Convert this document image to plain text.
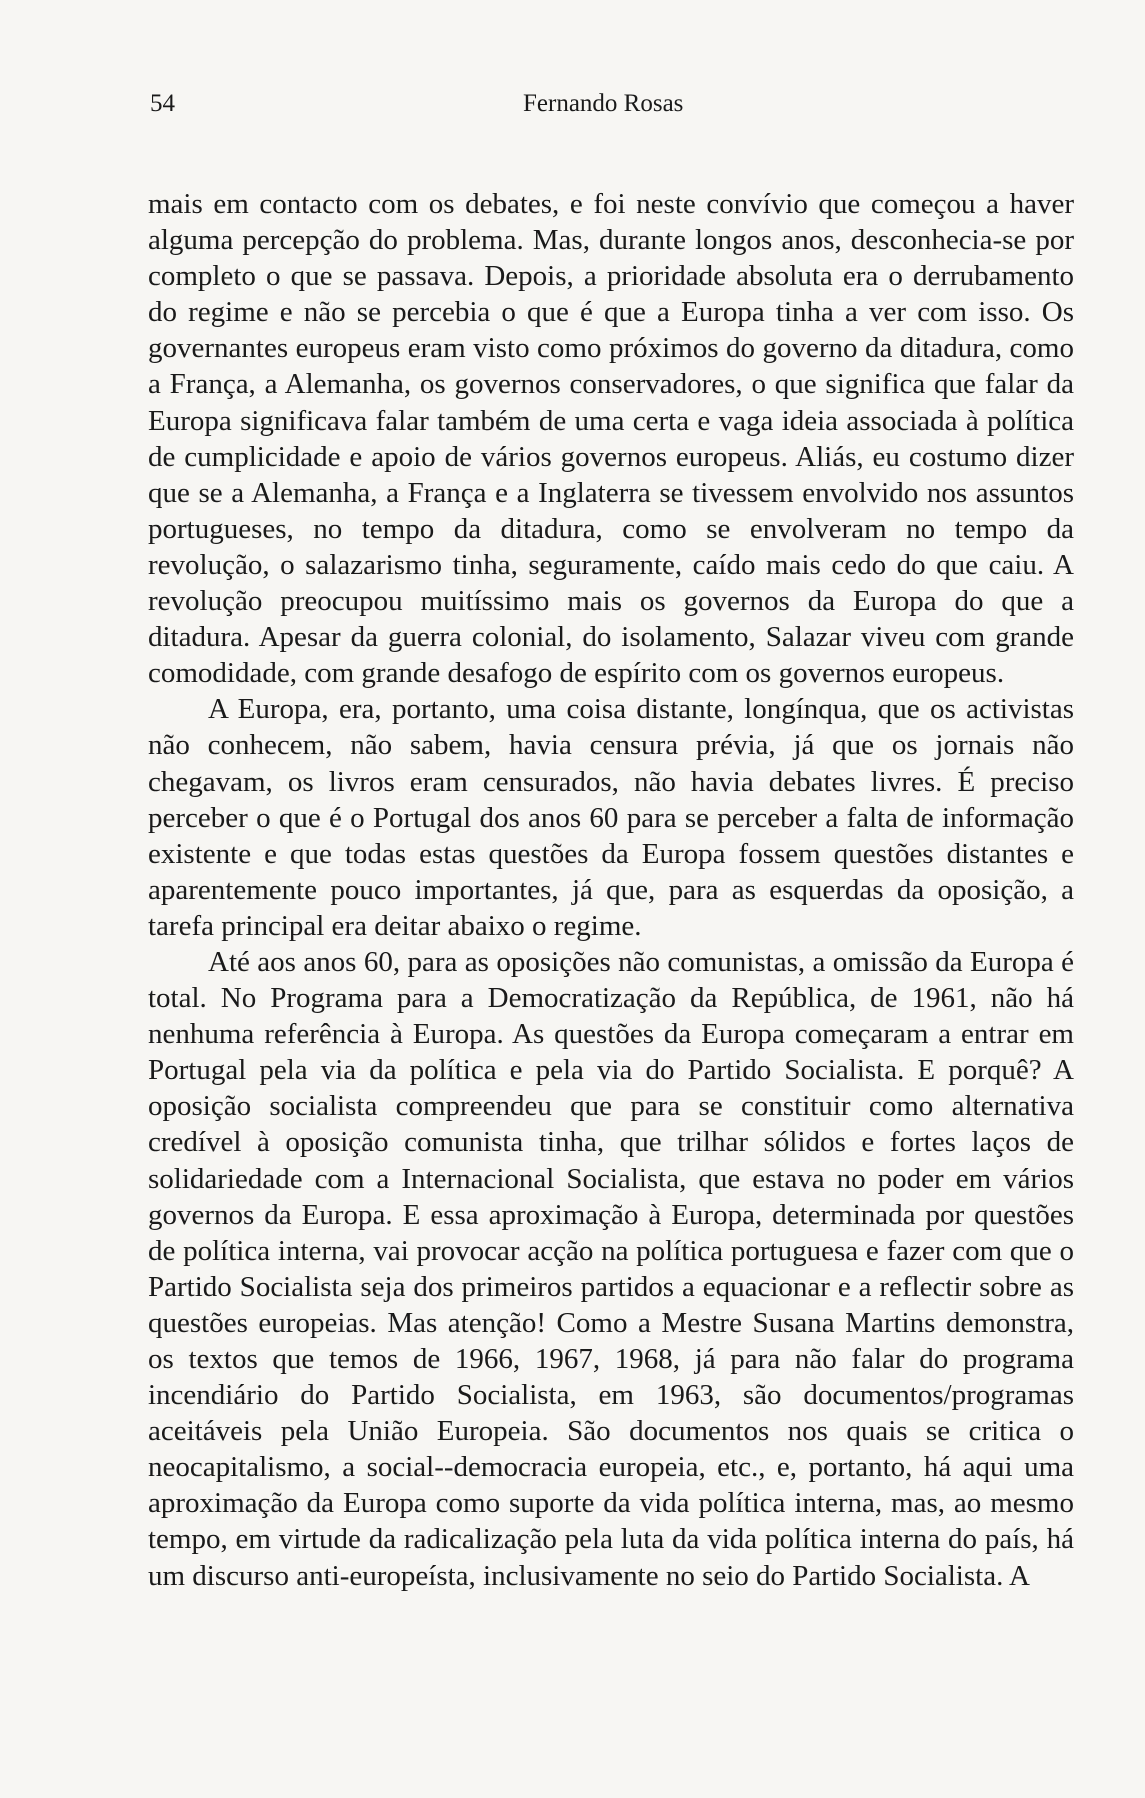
54	Fernando Rosas

mais em contacto com os debates, e foi neste convívio que começou a haver alguma percepção do problema. Mas, durante longos anos, desconhecia-se por completo o que se passava. Depois, a prioridade absoluta era o derrubamento do regime e não se percebia o que é que a Europa tinha a ver com isso. Os governantes europeus eram visto como próximos do governo da ditadura, como a França, a Alemanha, os governos conservadores, o que significa que falar da Europa significava falar também de uma certa e vaga ideia associada à política de cumplicidade e apoio de vários governos europeus. Aliás, eu costumo dizer que se a Alemanha, a França e a Inglaterra se tivessem envolvido nos assuntos portugueses, no tempo da ditadura, como se envolveram no tempo da revolução, o salazarismo tinha, seguramente, caído mais cedo do que caiu. A revolução preocupou muitíssimo mais os governos da Europa do que a ditadura. Apesar da guerra colonial, do isolamento, Salazar viveu com grande comodidade, com grande desafogo de espírito com os governos europeus.

A Europa, era, portanto, uma coisa distante, longínqua, que os activistas não conhecem, não sabem, havia censura prévia, já que os jornais não chegavam, os livros eram censurados, não havia debates livres. É preciso perceber o que é o Portugal dos anos 60 para se perceber a falta de informação existente e que todas estas questões da Europa fossem questões distantes e aparentemente pouco importantes, já que, para as esquerdas da oposição, a tarefa principal era deitar abaixo o regime.

Até aos anos 60, para as oposições não comunistas, a omissão da Europa é total. No Programa para a Democratização da República, de 1961, não há nenhuma referência à Europa. As questões da Europa começaram a entrar em Portugal pela via da política e pela via do Partido Socialista. E porquê? A oposição socialista compreendeu que para se constituir como alternativa credível à oposição comunista tinha, que trilhar sólidos e fortes laços de solidariedade com a Internacional Socialista, que estava no poder em vários governos da Europa. E essa aproximação à Europa, determinada por questões de política interna, vai provocar acção na política portuguesa e fazer com que o Partido Socialista seja dos primeiros partidos a equacionar e a reflectir sobre as questões europeias. Mas atenção! Como a Mestre Susana Martins demonstra, os textos que temos de 1966, 1967, 1968, já para não falar do programa incendiário do Partido Socialista, em 1963, são documentos/programas aceitáveis pela União Europeia. São documentos nos quais se critica o neocapitalismo, a social--democracia europeia, etc., e, portanto, há aqui uma aproximação da Europa como suporte da vida política interna, mas, ao mesmo tempo, em virtude da radicalização pela luta da vida política interna do país, há um discurso anti-europeísta, inclusivamente no seio do Partido Socialista. A
